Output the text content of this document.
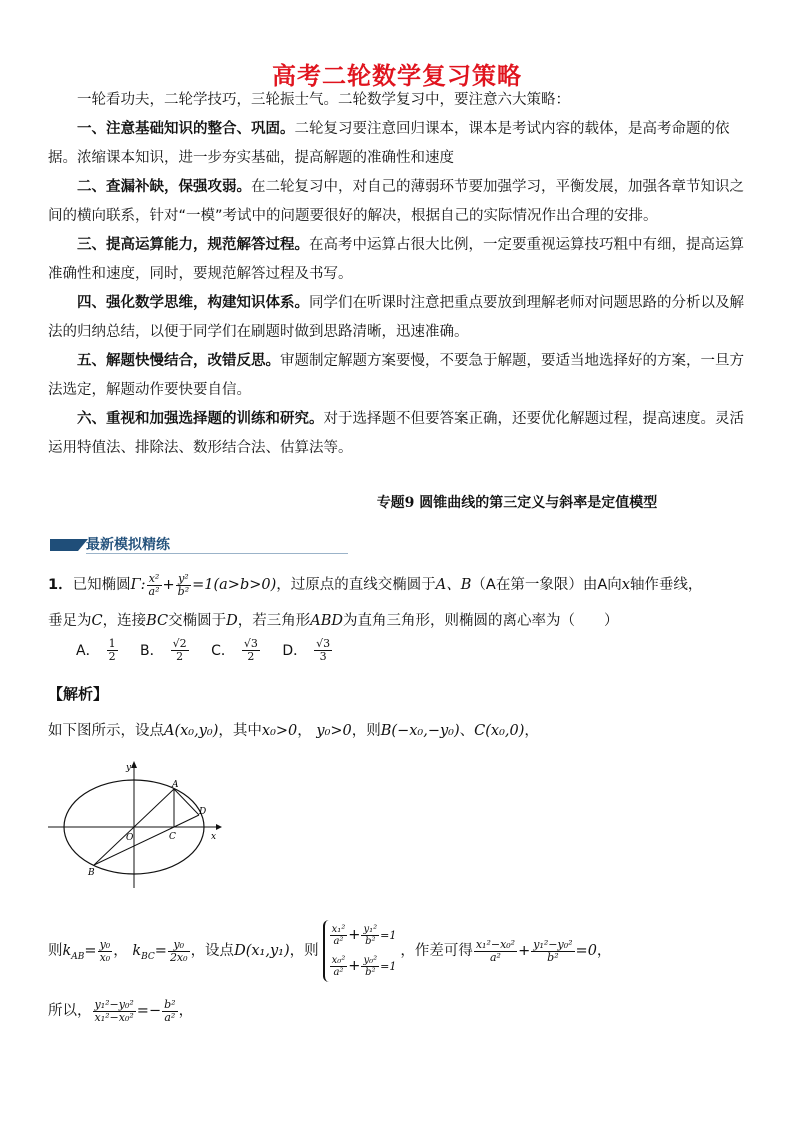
高考二轮数学复习策略
一轮看功夫，二轮学技巧，三轮振士气。二轮数学复习中，要注意六大策略：
一、注意基础知识的整合、巩固。二轮复习要注意回归课本，课本是考试内容的载体，是高考命题的依据。浓缩课本知识，进一步夯实基础，提高解题的准确性和速度
二、查漏补缺，保强攻弱。在二轮复习中，对自己的薄弱环节要加强学习，平衡发展，加强各章节知识之间的横向联系，针对“一模”考试中的问题要很好的解决，根据自己的实际情况作出合理的安排。
三、提高运算能力，规范解答过程。在高考中运算占很大比例，一定要重视运算技巧粗中有细，提高运算准确性和速度，同时，要规范解答过程及书写。
四、强化数学思维，构建知识体系。同学们在听课时注意把重点要放到理解老师对问题思路的分析以及解法的归纳总结，以便于同学们在刷题时做到思路清晰，迅速准确。
五、解题快慢结合，改错反思。审题制定解题方案要慢，不要急于解题，要适当地选择好的方案，一旦方法选定，解题动作要快要自信。
六、重视和加强选择题的训练和研究。对于选择题不但要答案正确，还要优化解题过程，提高速度。灵活运用特值法、排除法、数形结合法、估算法等。
专题9 圆锥曲线的第三定义与斜率是定值模型
最新模拟精练
1．已知椭圆Γ: $\frac{\text{x²}}{\text{a²}} + \frac{\text{y²}}{\text{b²}} =1(a>b>0)$，过原点的直线交椭圆于A、B（A在第一象限）由A向x轴作垂线，
垂足为C，连接BC交椭圆于D，若三角形ABD为直角三角形，则椭圆的离心率为（　　）
A． $\frac{1}{2}$ B． $\frac{√2}{2}$ C． $\frac{√3}{2}$ D． $\frac{√3}{3}$
【解析】
如下图所示，设点A(x₀,y₀)，其中x₀>0， y₀>0，则B(−x₀,−y₀)、C(x₀,0)，
y
x
O
A
B
C
D
则$k_{AB}= \frac{\text{y₀}}{\text{x₀}}$ ， $k_{BC}= \frac{\text{y₀}}{\text{2x₀}}$ ，设点D(x₁,y₁)，则
$\frac{\text{x₁²}}{\text{a²}} + \frac{\text{y₁²}}{\text{b²}} =1$
$\frac{\text{x₀²}}{\text{a²}} + \frac{\text{y₀²}}{\text{b²}} =1$
，作差可得 $\frac{\text{x₁²−x₀²}}{\text{a²}} + \frac{\text{y₁²−y₀²}}{\text{b²}} =0$，
所以， $\frac{\text{y₁²−y₀²}}{\text{x₁²−x₀²}} =- \frac{\text{b²}}{\text{a²}}$ ，
